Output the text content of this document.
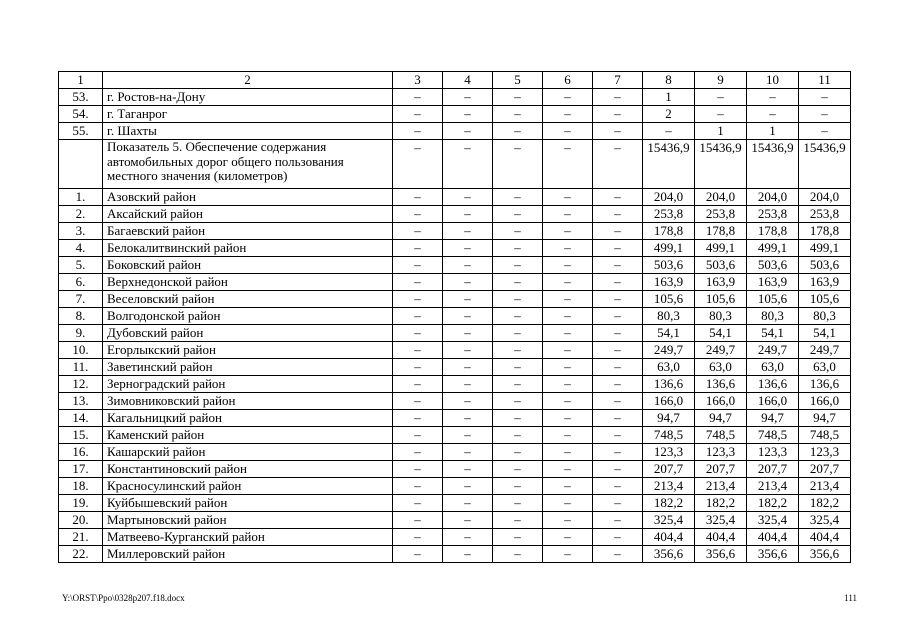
1	2	3	4	5	6	7	8	9	10	11
53.	г. Ростов-на-Дону	–	–	–	–	–	1	–	–	–
54.	г. Таганрог	–	–	–	–	–	2	–	–	–
55.	г. Шахты	–	–	–	–	–	–	1	1	–
	Показатель 5. Обеспечение содержания автомобильных дорог общего пользования местного значения (километров)	–	–	–	–	–	15436,9	15436,9	15436,9	15436,9
1.	Азовский район	–	–	–	–	–	204,0	204,0	204,0	204,0
2.	Аксайский район	–	–	–	–	–	253,8	253,8	253,8	253,8
3.	Багаевский район	–	–	–	–	–	178,8	178,8	178,8	178,8
4.	Белокалитвинский район	–	–	–	–	–	499,1	499,1	499,1	499,1
5.	Боковский район	–	–	–	–	–	503,6	503,6	503,6	503,6
6.	Верхнедонской район	–	–	–	–	–	163,9	163,9	163,9	163,9
7.	Веселовский район	–	–	–	–	–	105,6	105,6	105,6	105,6
8.	Волгодонской район	–	–	–	–	–	80,3	80,3	80,3	80,3
9.	Дубовский район	–	–	–	–	–	54,1	54,1	54,1	54,1
10.	Егорлыкский район	–	–	–	–	–	249,7	249,7	249,7	249,7
11.	Заветинский район	–	–	–	–	–	63,0	63,0	63,0	63,0
12.	Зерноградский район	–	–	–	–	–	136,6	136,6	136,6	136,6
13.	Зимовниковский район	–	–	–	–	–	166,0	166,0	166,0	166,0
14.	Кагальницкий район	–	–	–	–	–	94,7	94,7	94,7	94,7
15.	Каменский район	–	–	–	–	–	748,5	748,5	748,5	748,5
16.	Кашарский район	–	–	–	–	–	123,3	123,3	123,3	123,3
17.	Константиновский район	–	–	–	–	–	207,7	207,7	207,7	207,7
18.	Красносулинский район	–	–	–	–	–	213,4	213,4	213,4	213,4
19.	Куйбышевский район	–	–	–	–	–	182,2	182,2	182,2	182,2
20.	Мартыновский район	–	–	–	–	–	325,4	325,4	325,4	325,4
21.	Матвеево-Курганский район	–	–	–	–	–	404,4	404,4	404,4	404,4
22.	Миллеровский район	–	–	–	–	–	356,6	356,6	356,6	356,6
Y:\ORST\Ppo\0328p207.f18.docx	111
